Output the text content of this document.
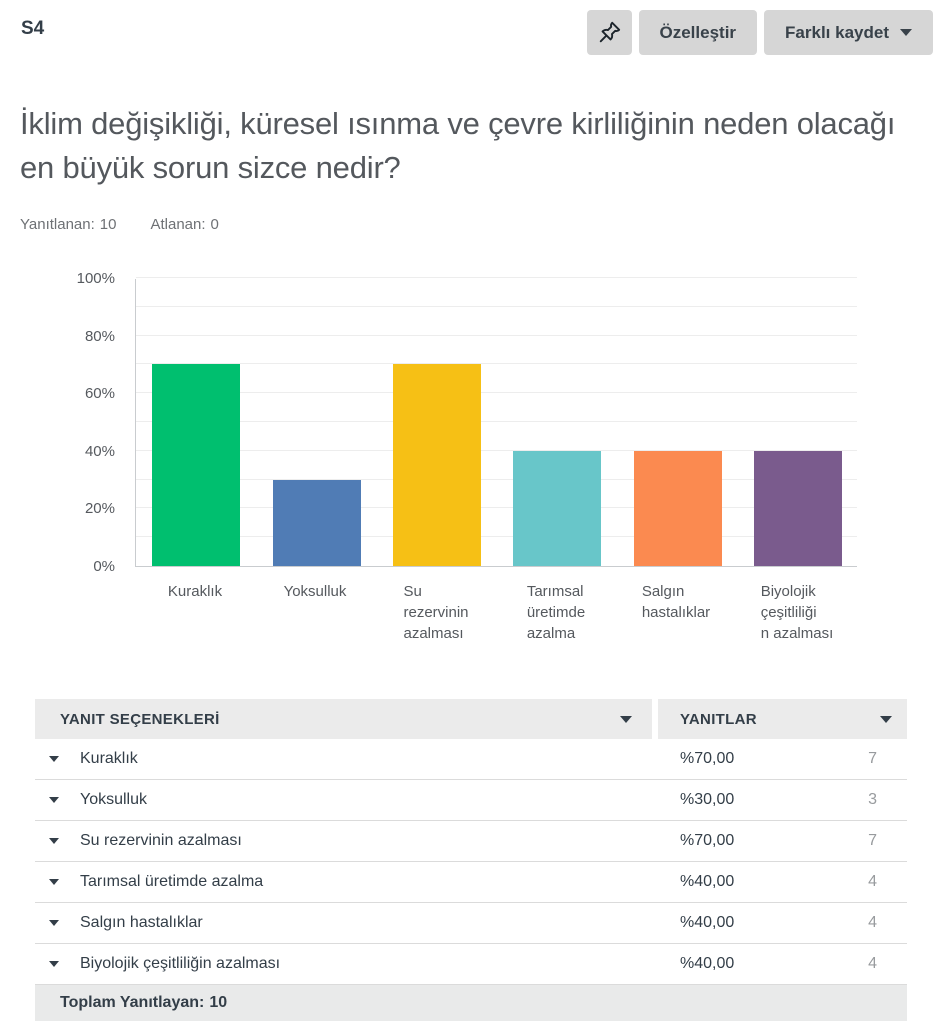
S4	Özelleştir	Farklı kaydet
İklim değişikliği, küresel ısınma ve çevre kirliliğinin neden olacağı en büyük sorun sizce nedir?
Yanıtlanan: 10 Atlanan: 0
0%
20%
40%
60%
80%
100%
Kuraklık	Yoksulluk	Su
rezervinin
azalması
Tarımsal
üretimde
azalma
Salgın
hastalıklar
Biyolojik
çeşitliliği
n azalması
YANIT SEÇENEKLERİ	YANITLAR
Kuraklık	%70,00	7
Yoksulluk	%30,00	3
Su rezervinin azalması	%70,00	7
Tarımsal üretimde azalma	%40,00	4
Salgın hastalıklar	%40,00	4
Biyolojik çeşitliliğin azalması	%40,00	4
Toplam Yanıtlayan: 10
